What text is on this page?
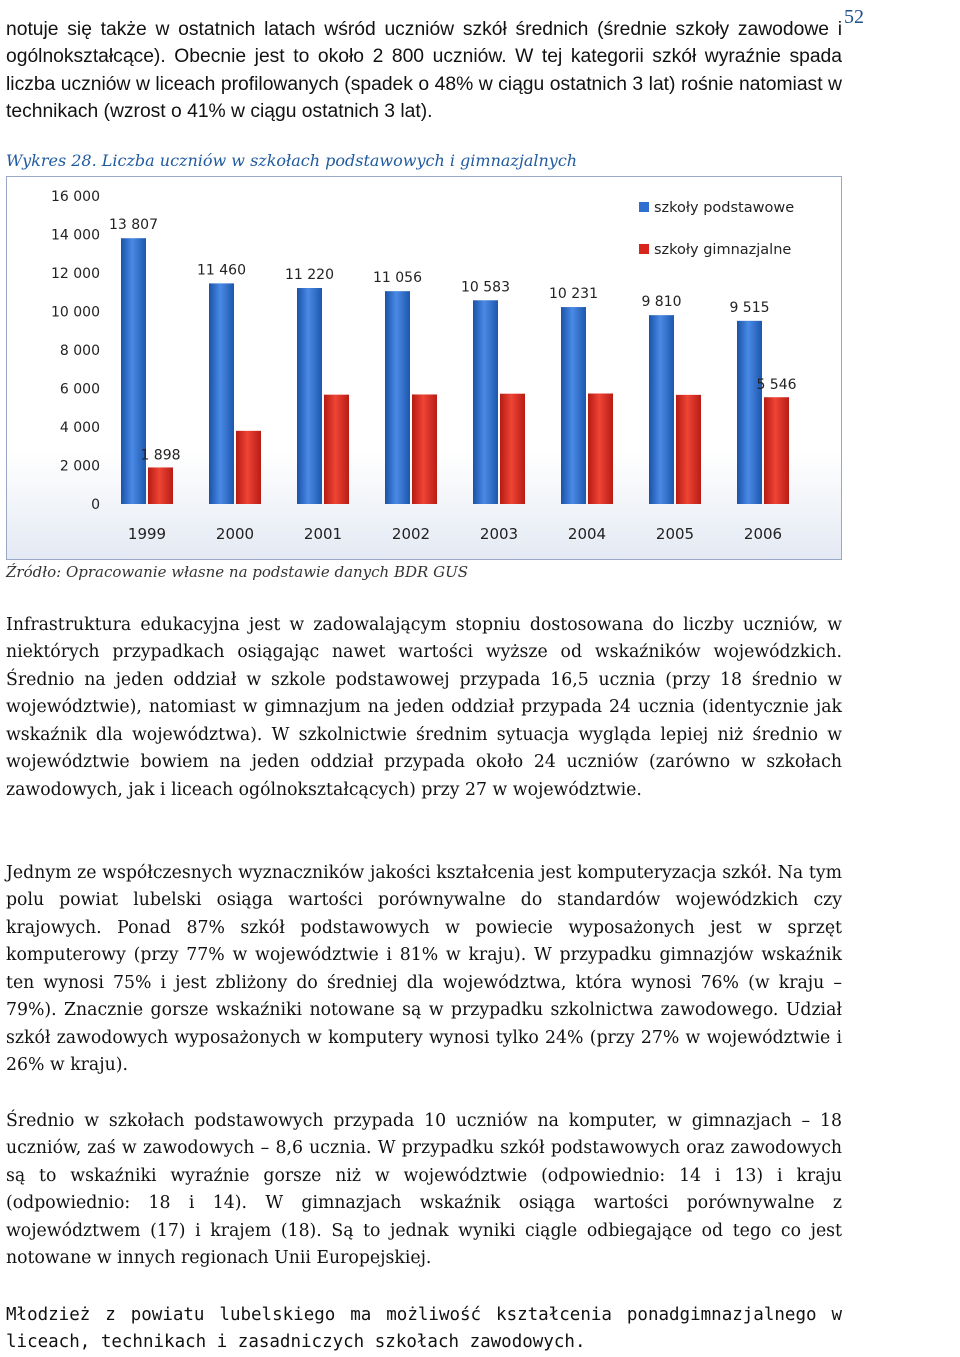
52

notuje się także w ostatnich latach wśród uczniów szkół średnich (średnie szkoły zawodowe i ogólnokształcące). Obecnie jest to około 2 800 uczniów. W tej kategorii szkół wyraźnie spada liczba uczniów w liceach profilowanych (spadek o 48% w ciągu ostatnich 3 lat) rośnie natomiast w technikach (wzrost o 41% w ciągu ostatnich 3 lat).

Wykres 28. Liczba uczniów w szkołach podstawowych i gimnazjalnych

0
2 000
4 000
6 000
8 000
10 000
12 000
14 000
16 000
13 807
11 460	11 220	11 056
10 583	10 231
9 810	9 515
1 898
5 546
1999	2000	2001	2002	2003	2004	2005	2006
szkoły podstawowe
szkoły gimnazjalne

Źródło: Opracowanie własne na podstawie danych BDR GUS

Infrastruktura edukacyjna jest w zadowalającym stopniu dostosowana do liczby uczniów, w niektórych przypadkach osiągając nawet wartości wyższe od wskaźników wojewódzkich. Średnio na jeden oddział w szkole podstawowej przypada 16,5 ucznia (przy 18 średnio w województwie), natomiast w gimnazjum na jeden oddział przypada 24 ucznia (identycznie jak wskaźnik dla województwa). W szkolnictwie średnim sytuacja wygląda lepiej niż średnio w województwie bowiem na jeden oddział przypada około 24 uczniów (zarówno w szkołach zawodowych, jak i liceach ogólnokształcących) przy 27 w województwie.

Jednym ze współczesnych wyznaczników jakości kształcenia jest komputeryzacja szkół. Na tym polu powiat lubelski osiąga wartości porównywalne do standardów wojewódzkich czy krajowych. Ponad 87% szkół podstawowych w powiecie wyposażonych jest w sprzęt komputerowy (przy 77% w województwie i 81% w kraju). W przypadku gimnazjów wskaźnik ten wynosi 75% i jest zbliżony do średniej dla województwa, która wynosi 76% (w kraju – 79%). Znacznie gorsze wskaźniki notowane są w przypadku szkolnictwa zawodowego. Udział szkół zawodowych wyposażonych w komputery wynosi tylko 24% (przy 27% w województwie i 26% w kraju).

Średnio w szkołach podstawowych przypada 10 uczniów na komputer, w gimnazjach – 18 uczniów, zaś w zawodowych – 8,6 ucznia. W przypadku szkół podstawowych oraz zawodowych są to wskaźniki wyraźnie gorsze niż w województwie (odpowiednio: 14 i 13) i kraju (odpowiednio: 18 i 14). W gimnazjach wskaźnik osiąga wartości porównywalne z województwem (17) i krajem (18). Są to jednak wyniki ciągle odbiegające od tego co jest notowane w innych regionach Unii Europejskiej.

Młodzież z powiatu lubelskiego ma możliwość kształcenia ponadgimnazjalnego w liceach, technikach i zasadniczych szkołach zawodowych.
